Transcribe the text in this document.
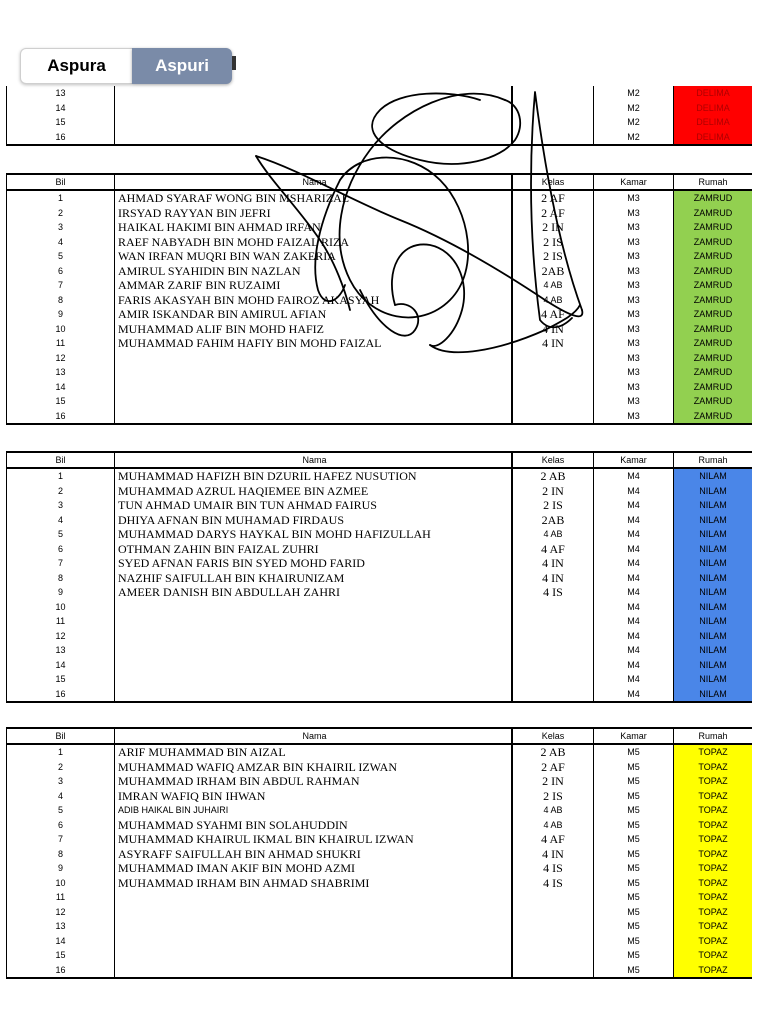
Aspura	Aspuri
13			M2	DELIMA
14			M2	DELIMA
15			M2	DELIMA
16			M2	DELIMA
Bil	Nama	Kelas	Kamar	Rumah
1	AHMAD SYARAF WONG BIN MSHARIZAL	2 AF	M3	ZAMRUD
2	IRSYAD RAYYAN BIN JEFRI	2 AF	M3	ZAMRUD
3	HAIKAL HAKIMI BIN AHMAD IRFAN	2 IN	M3	ZAMRUD
4	RAEF NABYADH BIN MOHD FAIZAL RIZA	2 IS	M3	ZAMRUD
5	WAN IRFAN MUQRI BIN WAN ZAKERIA	2 IS	M3	ZAMRUD
6	AMIRUL SYAHIDIN BIN NAZLAN	2AB	M3	ZAMRUD
7	AMMAR ZARIF BIN RUZAIMI	4 AB	M3	ZAMRUD
8	FARIS AKASYAH BIN MOHD FAIROZ AKASYAH	4 AB	M3	ZAMRUD
9	AMIR ISKANDAR BIN AMIRUL AFIAN	4 AF	M3	ZAMRUD
10	MUHAMMAD ALIF BIN MOHD HAFIZ	4 IN	M3	ZAMRUD
11	MUHAMMAD FAHIM HAFIY BIN MOHD FAIZAL	4 IN	M3	ZAMRUD
12			M3	ZAMRUD
13			M3	ZAMRUD
14			M3	ZAMRUD
15			M3	ZAMRUD
16			M3	ZAMRUD
Bil	Nama	Kelas	Kamar	Rumah
1	MUHAMMAD HAFIZH BIN DZURIL HAFEZ NUSUTION	2 AB	M4	NILAM
2	MUHAMMAD AZRUL HAQIEMEE BIN AZMEE	2 IN	M4	NILAM
3	TUN AHMAD UMAIR BIN TUN AHMAD FAIRUS	2 IS	M4	NILAM
4	DHIYA AFNAN BIN MUHAMAD FIRDAUS	2AB	M4	NILAM
5	MUHAMMAD DARYS HAYKAL BIN MOHD HAFIZULLAH	4 AB	M4	NILAM
6	OTHMAN ZAHIN BIN FAIZAL ZUHRI	4 AF	M4	NILAM
7	SYED AFNAN FARIS BIN SYED MOHD FARID	4 IN	M4	NILAM
8	NAZHIF SAIFULLAH BIN KHAIRUNIZAM	4 IN	M4	NILAM
9	AMEER DANISH BIN ABDULLAH ZAHRI	4 IS	M4	NILAM
10			M4	NILAM
11			M4	NILAM
12			M4	NILAM
13			M4	NILAM
14			M4	NILAM
15			M4	NILAM
16			M4	NILAM
Bil	Nama	Kelas	Kamar	Rumah
1	ARIF MUHAMMAD BIN AIZAL	2 AB	M5	TOPAZ
2	MUHAMMAD WAFIQ AMZAR BIN KHAIRIL IZWAN	2 AF	M5	TOPAZ
3	MUHAMMAD IRHAM BIN ABDUL RAHMAN	2 IN	M5	TOPAZ
4	IMRAN WAFIQ BIN IHWAN	2 IS	M5	TOPAZ
5	ADIB HAIKAL BIN JUHAIRI	4 AB	M5	TOPAZ
6	MUHAMMAD SYAHMI BIN SOLAHUDDIN	4 AB	M5	TOPAZ
7	MUHAMMAD KHAIRUL IKMAL BIN KHAIRUL IZWAN	4 AF	M5	TOPAZ
8	ASYRAFF SAIFULLAH BIN AHMAD SHUKRI	4 IN	M5	TOPAZ
9	MUHAMMAD IMAN AKIF BIN MOHD AZMI	4 IS	M5	TOPAZ
10	MUHAMMAD IRHAM BIN AHMAD SHABRIMI	4 IS	M5	TOPAZ
11			M5	TOPAZ
12			M5	TOPAZ
13			M5	TOPAZ
14			M5	TOPAZ
15			M5	TOPAZ
16			M5	TOPAZ
